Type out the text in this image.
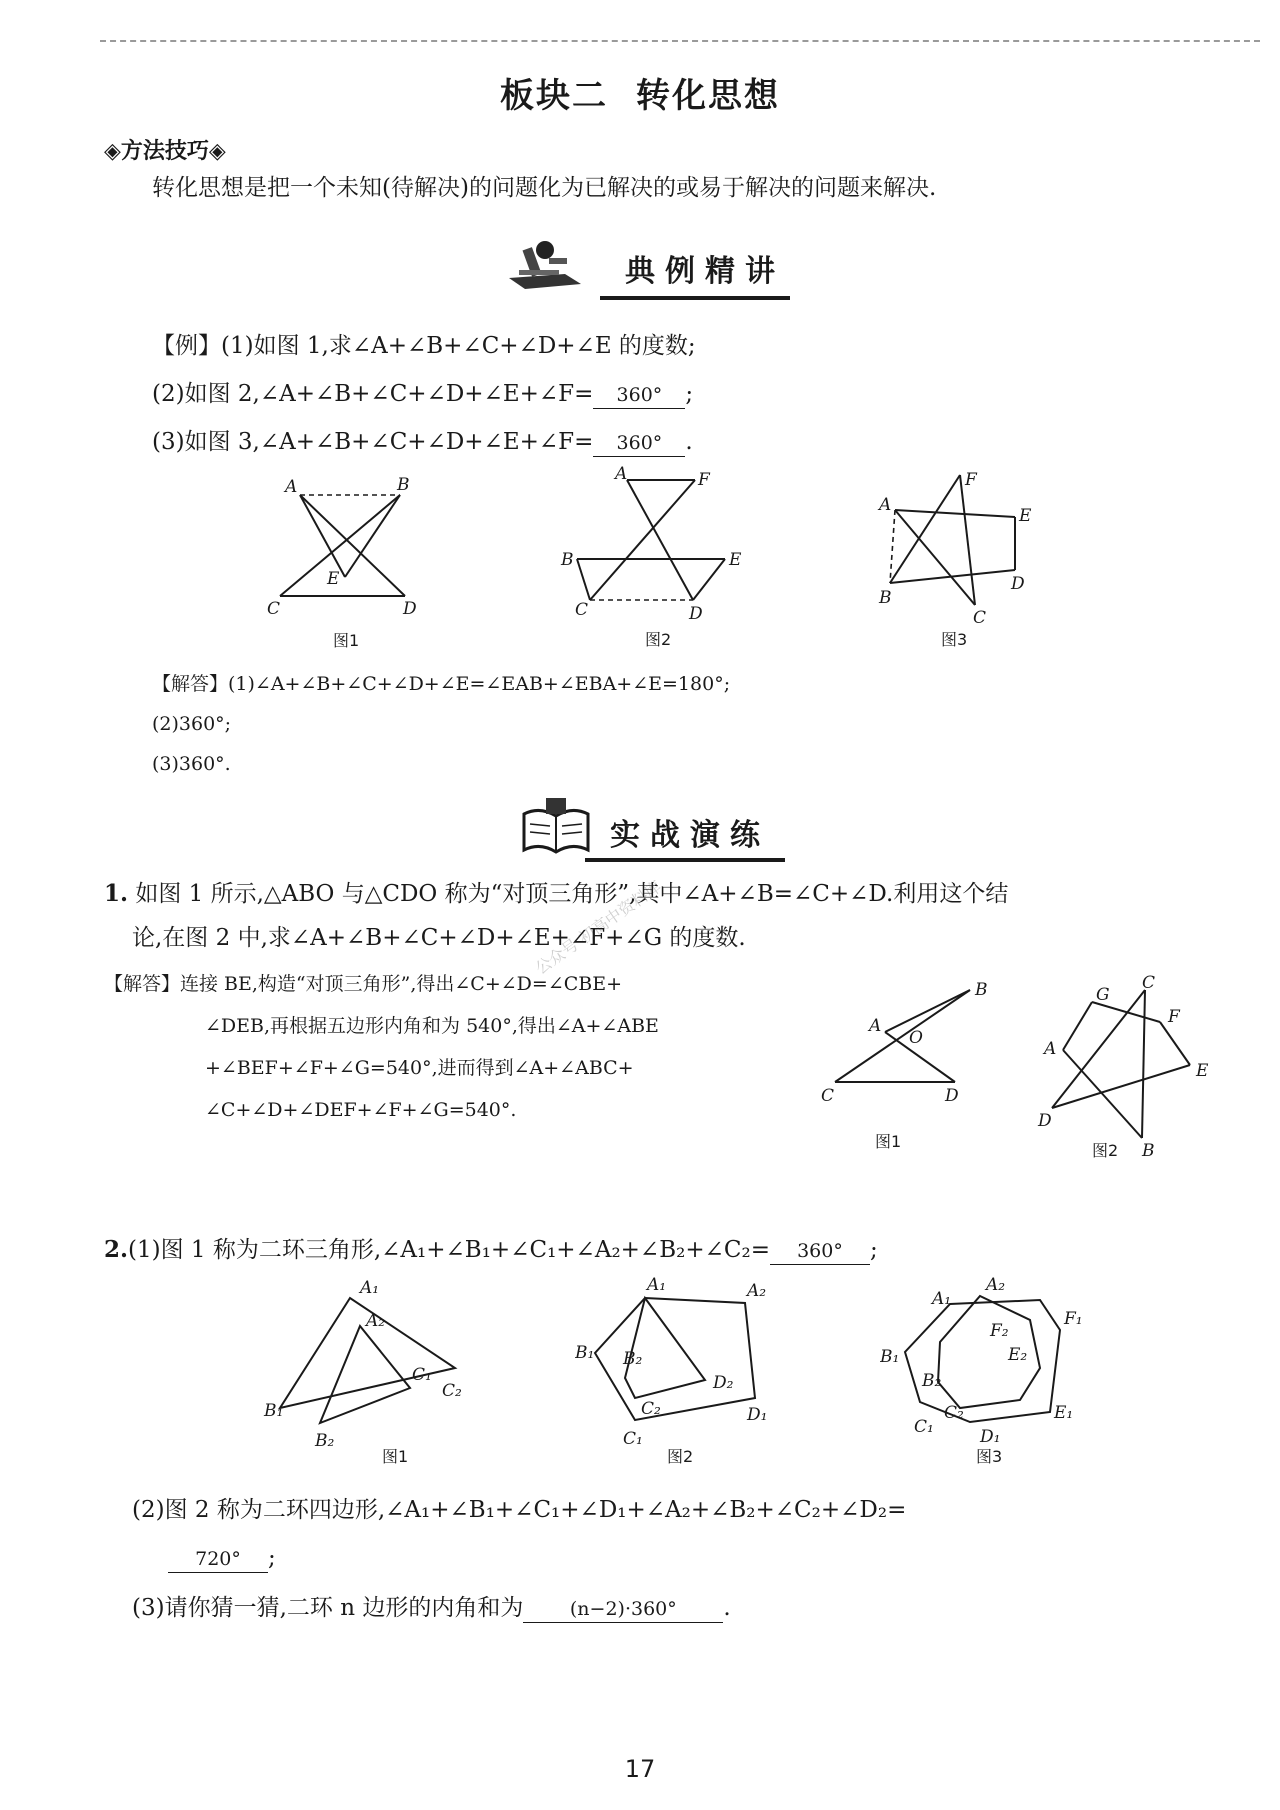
板块二 转化思想
◈方法技巧◈
转化思想是把一个未知(待解决)的问题化为已解决的或易于解决的问题来解决.
典例精讲
【例】(1)如图 1,求∠A+∠B+∠C+∠D+∠E 的度数;
(2)如图 2,∠A+∠B+∠C+∠D+∠E+∠F= 360° ;
(3)如图 3,∠A+∠B+∠C+∠D+∠E+∠F= 360° .
A	B
E
C	D
图1
A	F
B	E
C	D
图2
F
A
E
D
B
C
图3
【解答】(1)∠A+∠B+∠C+∠D+∠E=∠EAB+∠EBA+∠E=180°;
(2)360°;
(3)360°.
实战演练
公众号 初高中资料库
1. 如图 1 所示,△ABO 与△CDO 称为“对顶三角形”,其中∠A+∠B=∠C+∠D.利用这个结
论,在图 2 中,求∠A+∠B+∠C+∠D+∠E+∠F+∠G 的度数.
【解答】连接 BE,构造“对顶三角形”,得出∠C+∠D=∠CBE+
∠DEB,再根据五边形内角和为 540°,得出∠A+∠ABE
+∠BEF+∠F+∠G=540°,进而得到∠A+∠ABC+
∠C+∠D+∠DEF+∠F+∠G=540°.
B
A
O
C	D
图1
C
G
F
A
E
D
B
图2
2.(1)图 1 称为二环三角形,∠A₁+∠B₁+∠C₁+∠A₂+∠B₂+∠C₂= 360° ;
A₁
A₂
C₁
C₂
B₁
B₂
图1
A₁	A₂
B₁ B₂
D₂
C₂	D₁
C₁
图2
A₁
A₂
F₁
F₂
E₂
B₁
B₂
C₂	E₁
C₁	D₁
图3
(2)图 2 称为二环四边形,∠A₁+∠B₁+∠C₁+∠D₁+∠A₂+∠B₂+∠C₂+∠D₂=
720° ;
(3)请你猜一猜,二环 n 边形的内角和为 (n−2)·360° .
17
